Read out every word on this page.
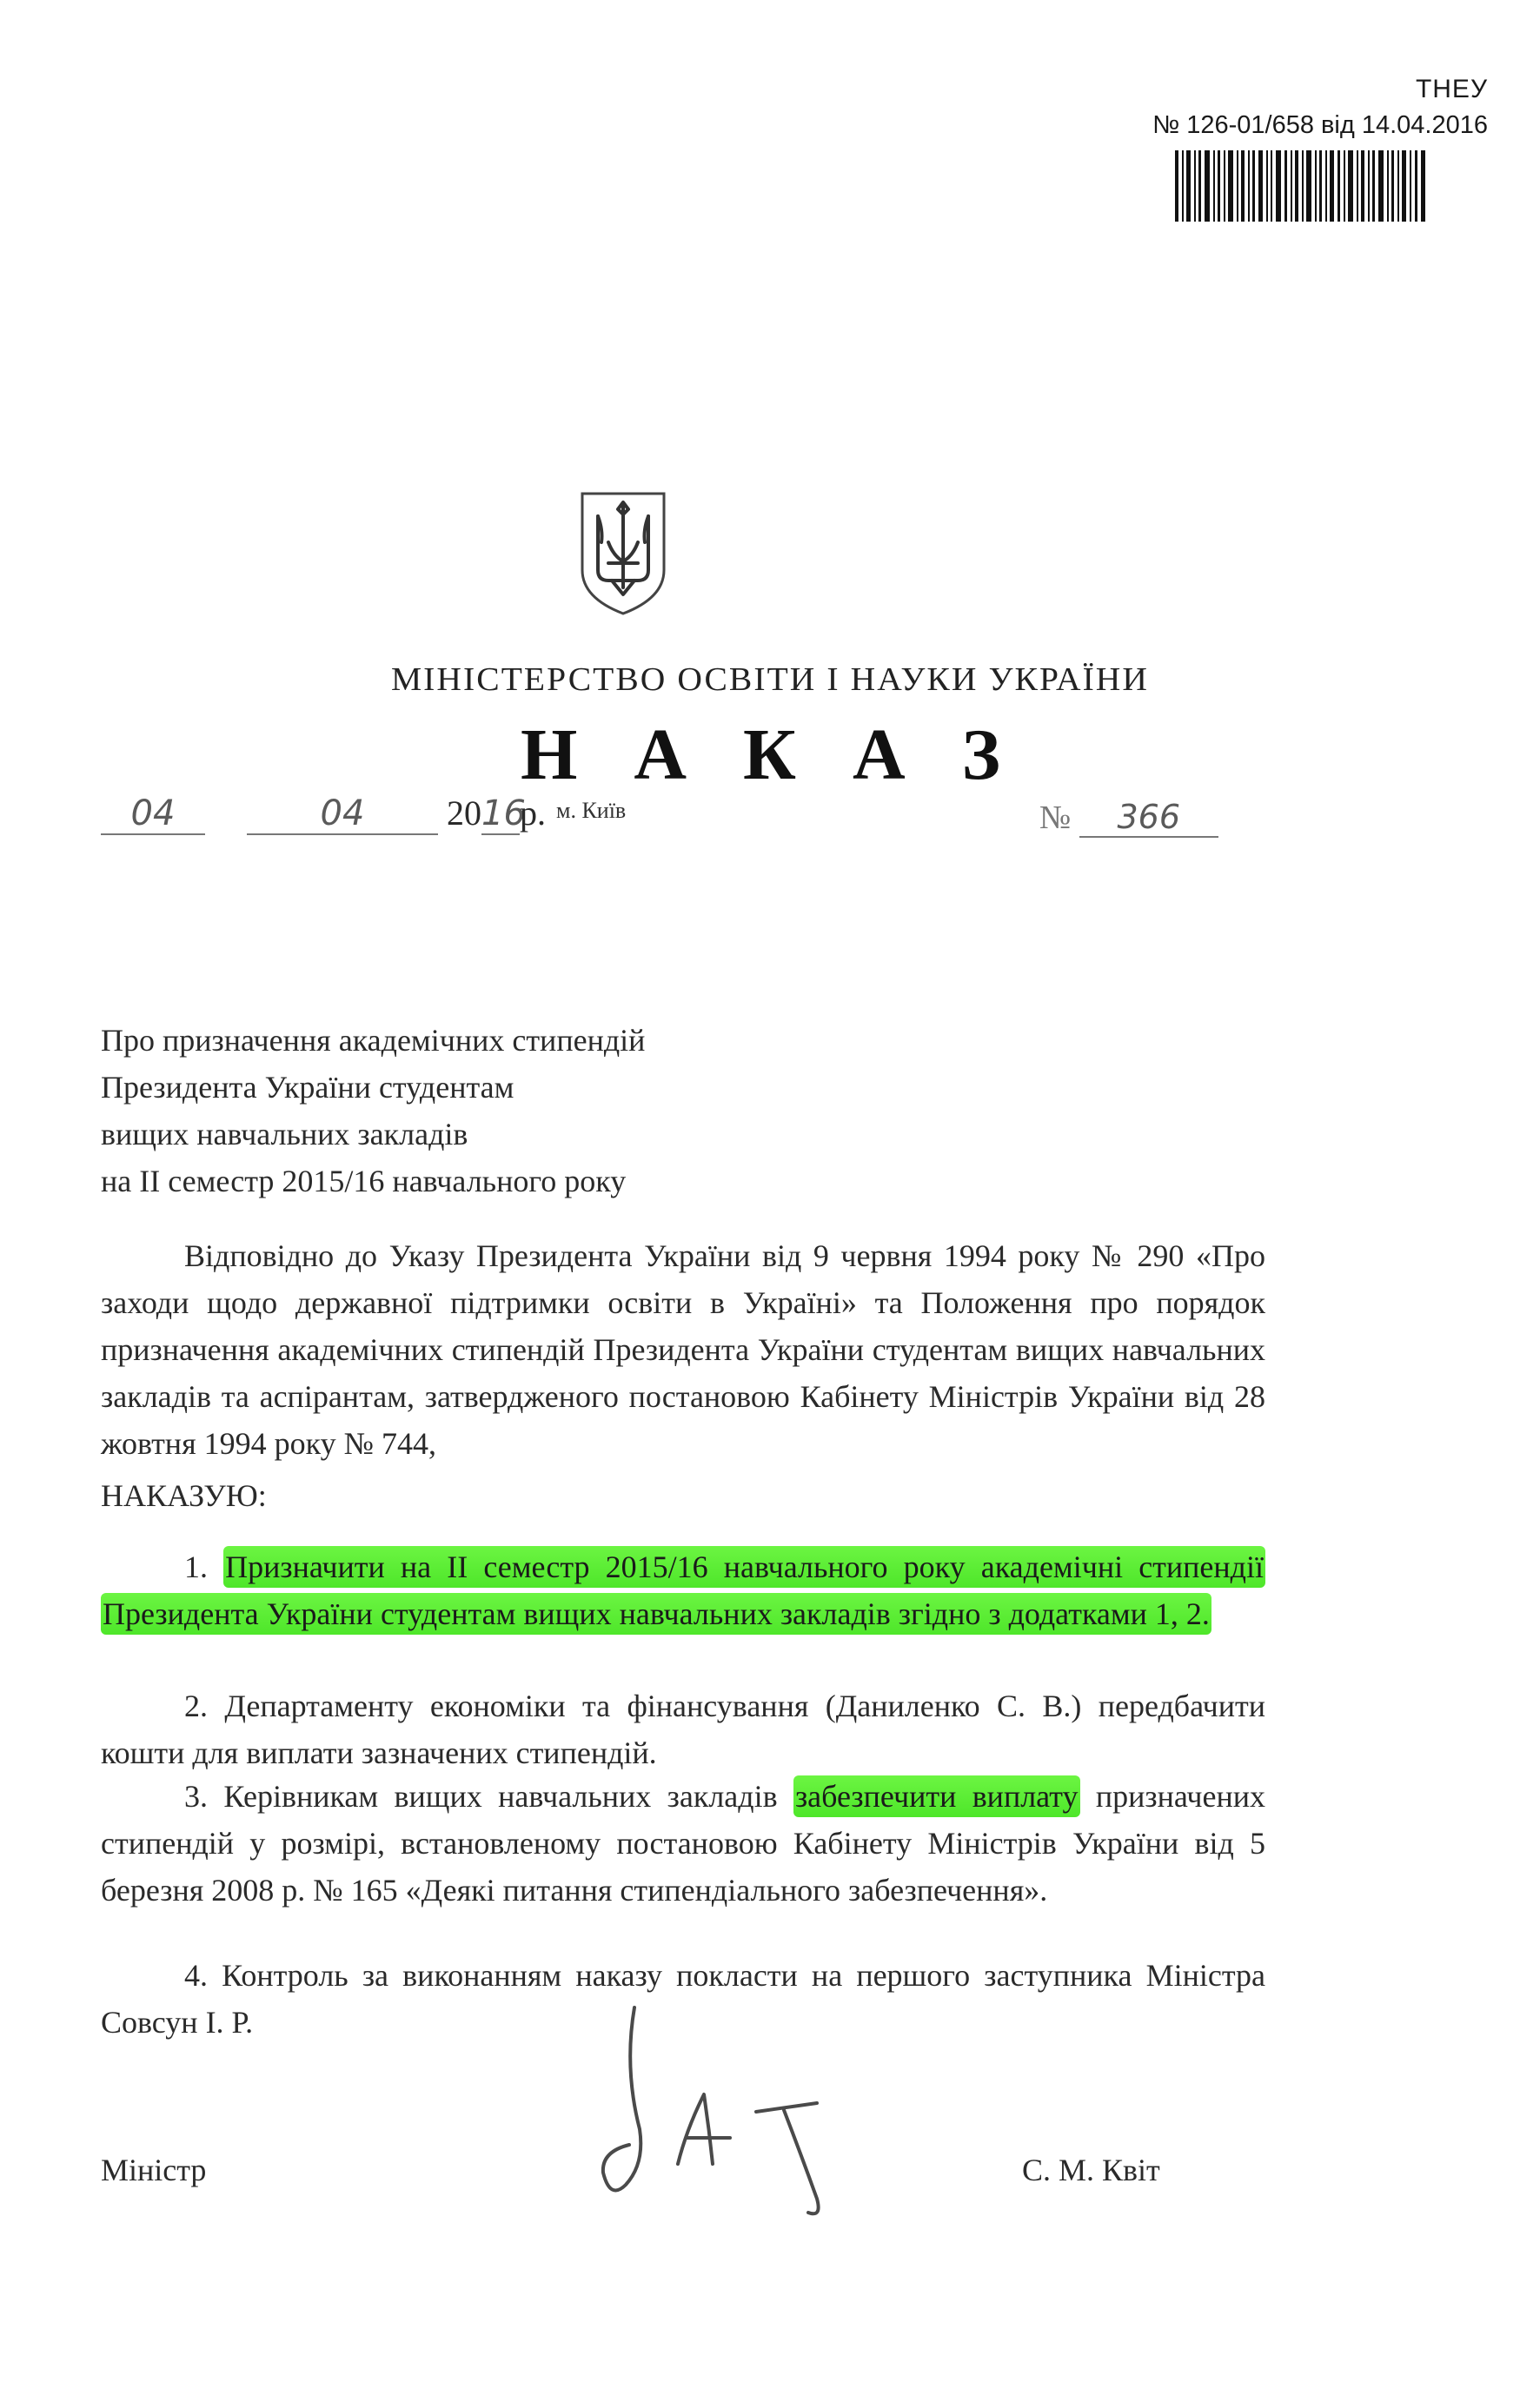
ТНЕУ
№ 126-01/658 від 14.04.2016
МІНІСТЕРСТВО ОСВІТИ І НАУКИ УКРАЇНИ
Н А К А З
04	04 2016р. м. Київ	№ 366
Про призначення академічних стипендій
Президента України студентам
вищих навчальних закладів
на ІІ семестр 2015/16 навчального року
Відповідно до Указу Президента України від 9 червня 1994 року № 290 «Про заходи щодо державної підтримки освіти в Україні» та Положення про порядок призначення академічних стипендій Президента України студентам вищих навчальних закладів та аспірантам, затвердженого постановою Кабінету Міністрів України від 28 жовтня 1994 року № 744,
НАКАЗУЮ:
1. Призначити на ІІ семестр 2015/16 навчального року академічні стипендії Президента України студентам вищих навчальних закладів згідно з додатками 1, 2.
2. Департаменту економіки та фінансування (Даниленко С. В.) передбачити кошти для виплати зазначених стипендій.
3. Керівникам вищих навчальних закладів забезпечити виплату призначених стипендій у розмірі, встановленому постановою Кабінету Міністрів України від 5 березня 2008 р. № 165 «Деякі питання стипендіального забезпечення».
4. Контроль за виконанням наказу покласти на першого заступника Міністра Совсун І. Р.
Міністр	С. М. Квіт
